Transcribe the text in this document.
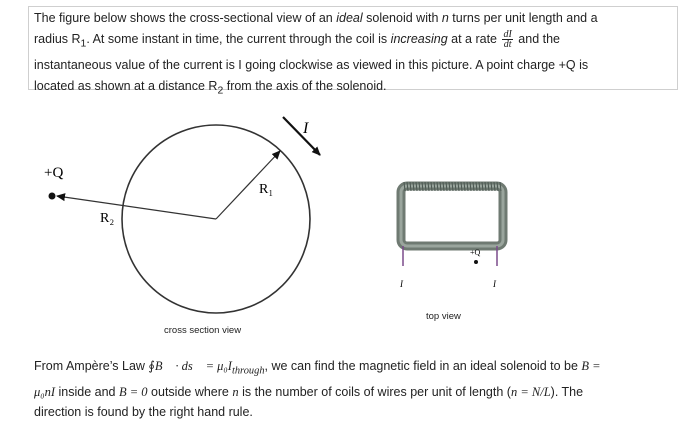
The figure below shows the cross-sectional view of an ideal solenoid with n turns per unit length and a
radius $R_1$. At some instant in time, the current through the coil is increasing at a rate $\frac{dI}{dt}$ and the
instantaneous value of the current is I going clockwise as viewed in this picture. A point charge +Q is
located as shown at a distance $R_2$ from the axis of the solenoid.
+Q
R₁
R₂
I
+Q
I	I
cross section view
top view
From Ampère’s Law ∮B⃗ · ds⃗ = $\mu_0I_{through}$, we can find the magnetic field in an ideal solenoid to be B =
μ₀nI inside and B = 0 outside where n is the number of coils of wires per unit of length (n = N/L). The
direction is found by the right hand rule.
